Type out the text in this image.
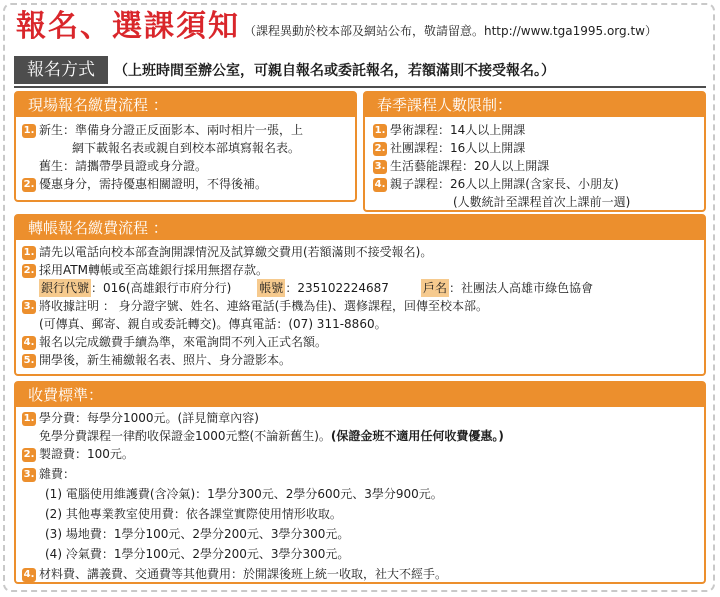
報名、選課須知 （課程異動於校本部及網站公布，敬請留意。http://www.tga1995.org.tw）
報名方式	（上班時間至辦公室，可親自報名或委託報名，若額滿則不接受報名。）
現場報名繳費流程 ：
1. 新生：準備身分證正反面影本、兩吋相片一張，上
網下載報名表或親自到校本部填寫報名表。
舊生：請攜帶學員證或身分證。
2. 優惠身分，需持優惠相關證明，不得後補。
春季課程人數限制：
1. 學術課程：14人以上開課
2. 社團課程：16人以上開課
3. 生活藝能課程：20人以上開課
4. 親子課程：26人以上開課(含家長、小朋友)
(人數統計至課程首次上課前一週)
轉帳報名繳費流程 ：
1. 請先以電話向校本部查詢開課情況及試算繳交費用(若額滿則不接受報名)。
2. 採用ATM轉帳或至高雄銀行採用無摺存款。
銀行代號 ：016(高雄銀行市府分行) 帳號 ：235102224687	戶名 ：社團法人高雄市綠色協會
3. 將收據註明 ： 身分證字號、姓名、連絡電話(手機為佳)、選修課程，回傳至校本部。
(可傳真、郵寄、親自或委託轉交)。傳真電話：(07) 311-8860。
4. 報名以完成繳費手續為準，來電詢問不列入正式名額。
5. 開學後，新生補繳報名表、照片、身分證影本。
收費標準：
1. 學分費：每學分1000元。(詳見簡章內容)
免學分費課程一律酌收保證金1000元整(不論新舊生)。(保證金班不適用任何收費優惠。)
2. 製證費：100元。
3. 雜費：
(1) 電腦使用維護費(含冷氣)：1學分300元、2學分600元、3學分900元。
(2) 其他專業教室使用費：依各課堂實際使用情形收取。
(3) 場地費：1學分100元、2學分200元、3學分300元。
(4) 冷氣費：1學分100元、2學分200元、3學分300元。
4. 材料費、講義費、交通費等其他費用：於開課後班上統一收取，社大不經手。
